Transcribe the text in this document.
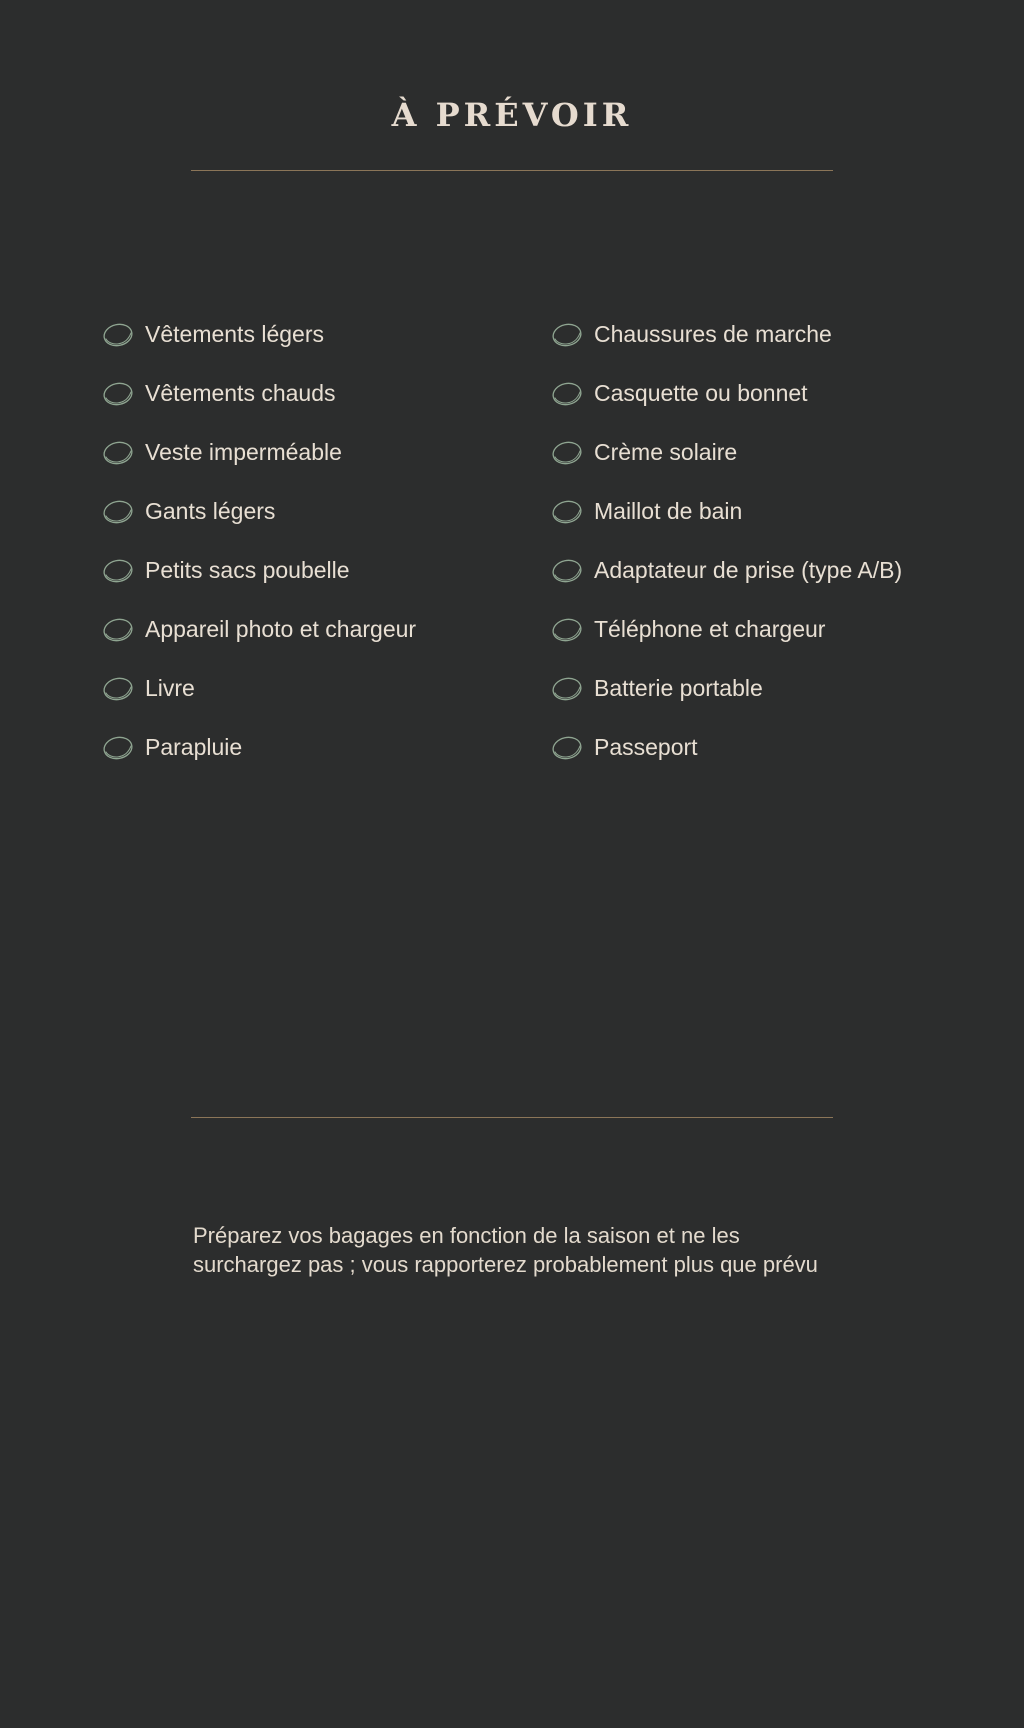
À PRÉVOIR
Vêtements légers
Vêtements chauds
Veste imperméable
Gants légers
Petits sacs poubelle
Appareil photo et chargeur
Livre
Parapluie
Chaussures de marche
Casquette ou bonnet
Crème solaire
Maillot de bain
Adaptateur de prise (type A/B)
Téléphone et chargeur
Batterie portable
Passeport

Préparez vos bagages en fonction de la saison et ne les surchargez pas ; vous rapporterez probablement plus que prévu
